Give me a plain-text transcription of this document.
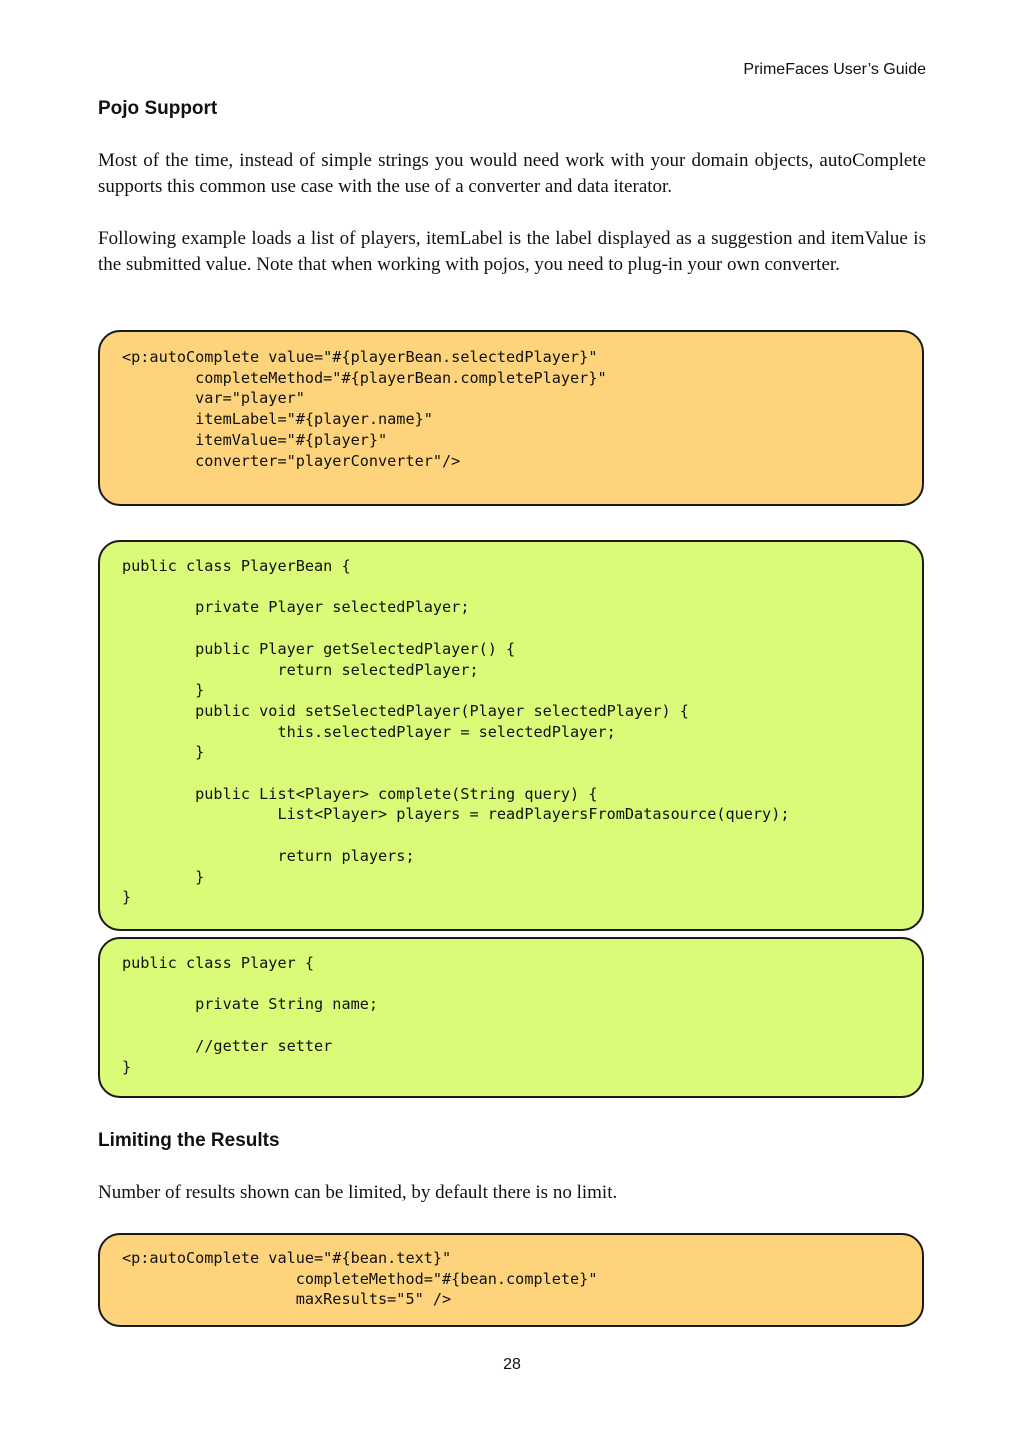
PrimeFaces User’s Guide
Pojo Support

Most of the time, instead of simple strings you would need work with your domain objects, autoComplete supports this common use case with the use of a converter and data iterator.

Following example loads a list of players, itemLabel is the label displayed as a suggestion and itemValue is the submitted value. Note that when working with pojos, you need to plug-in your own converter.

<p:autoComplete value="#{playerBean.selectedPlayer}"
completeMethod="#{playerBean.completePlayer}"
var="player"
itemLabel="#{player.name}"
itemValue="#{player}"
converter="playerConverter"/>
public class PlayerBean {

private Player selectedPlayer;

public Player getSelectedPlayer() {
return selectedPlayer;
}
public void setSelectedPlayer(Player selectedPlayer) {
this.selectedPlayer = selectedPlayer;
}

public List<Player> complete(String query) {
List<Player> players = readPlayersFromDatasource(query);

return players;
}
}
public class Player {

private String name;

//getter setter
}
Limiting the Results

Number of results shown can be limited, by default there is no limit.

<p:autoComplete value="#{bean.text}"
completeMethod="#{bean.complete}"
maxResults="5" />
28
